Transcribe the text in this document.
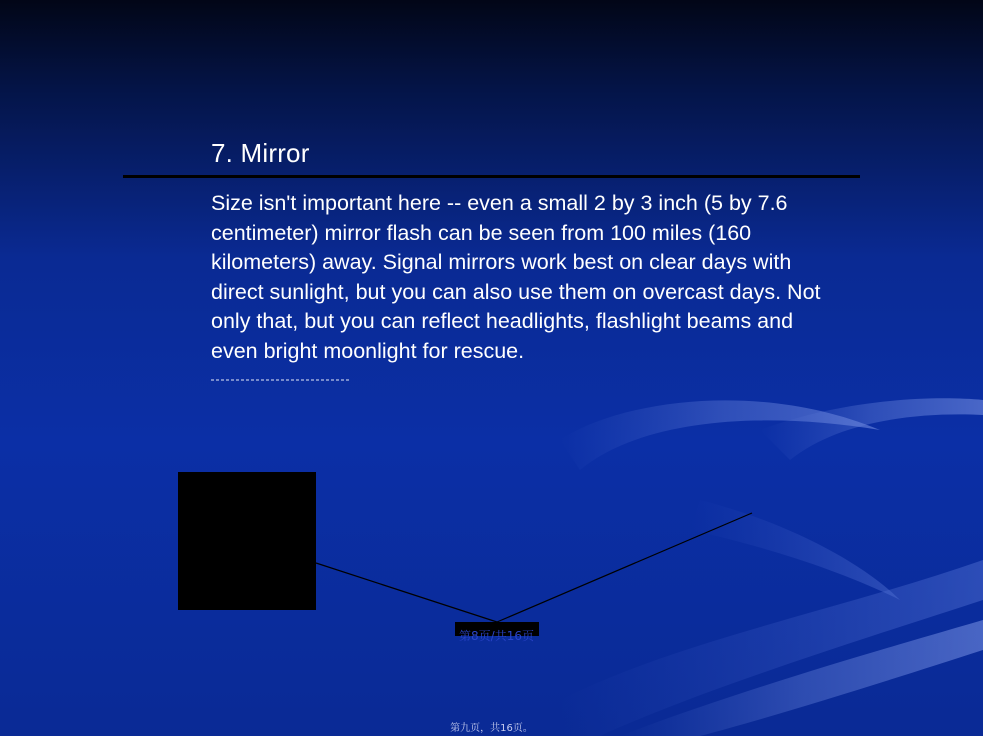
7. Mirror
Size isn't important here -- even a small 2 by 3 inch (5 by 7.6 centimeter) mirror flash can be seen from 100 miles (160 kilometers) away. Signal mirrors work best on clear days with direct sunlight, but you can also use them on overcast days. Not only that, but you can reflect headlights, flashlight beams and even bright moonlight for rescue.
第8页/共16页
第九页，共16页。
